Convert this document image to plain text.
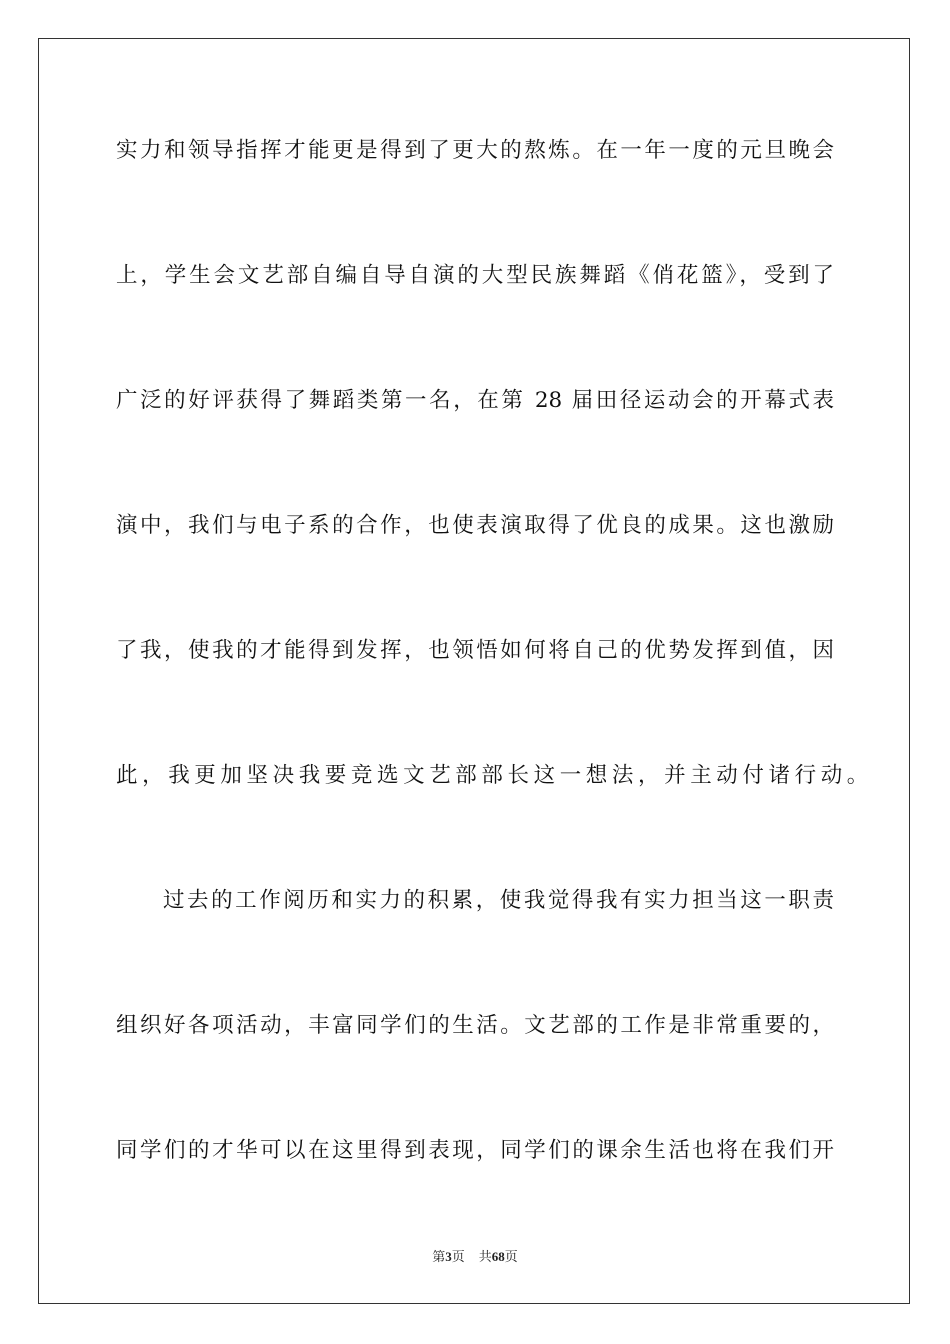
实力和领导指挥才能更是得到了更大的熬炼。在一年一度的元旦晚会
上，学生会文艺部自编自导自演的大型民族舞蹈《俏花篮》，受到了
广泛的好评获得了舞蹈类第一名，在第 28 届田径运动会的开幕式表
演中，我们与电子系的合作，也使表演取得了优良的成果。这也激励
了我，使我的才能得到发挥，也领悟如何将自己的优势发挥到值，因
此，我更加坚决我要竞选文艺部部长这一想法，并主动付诸行动。
过去的工作阅历和实力的积累，使我觉得我有实力担当这一职责
组织好各项活动，丰富同学们的生活。文艺部的工作是非常重要的，
同学们的才华可以在这里得到表现，同学们的课余生活也将在我们开
第3页 共68页
